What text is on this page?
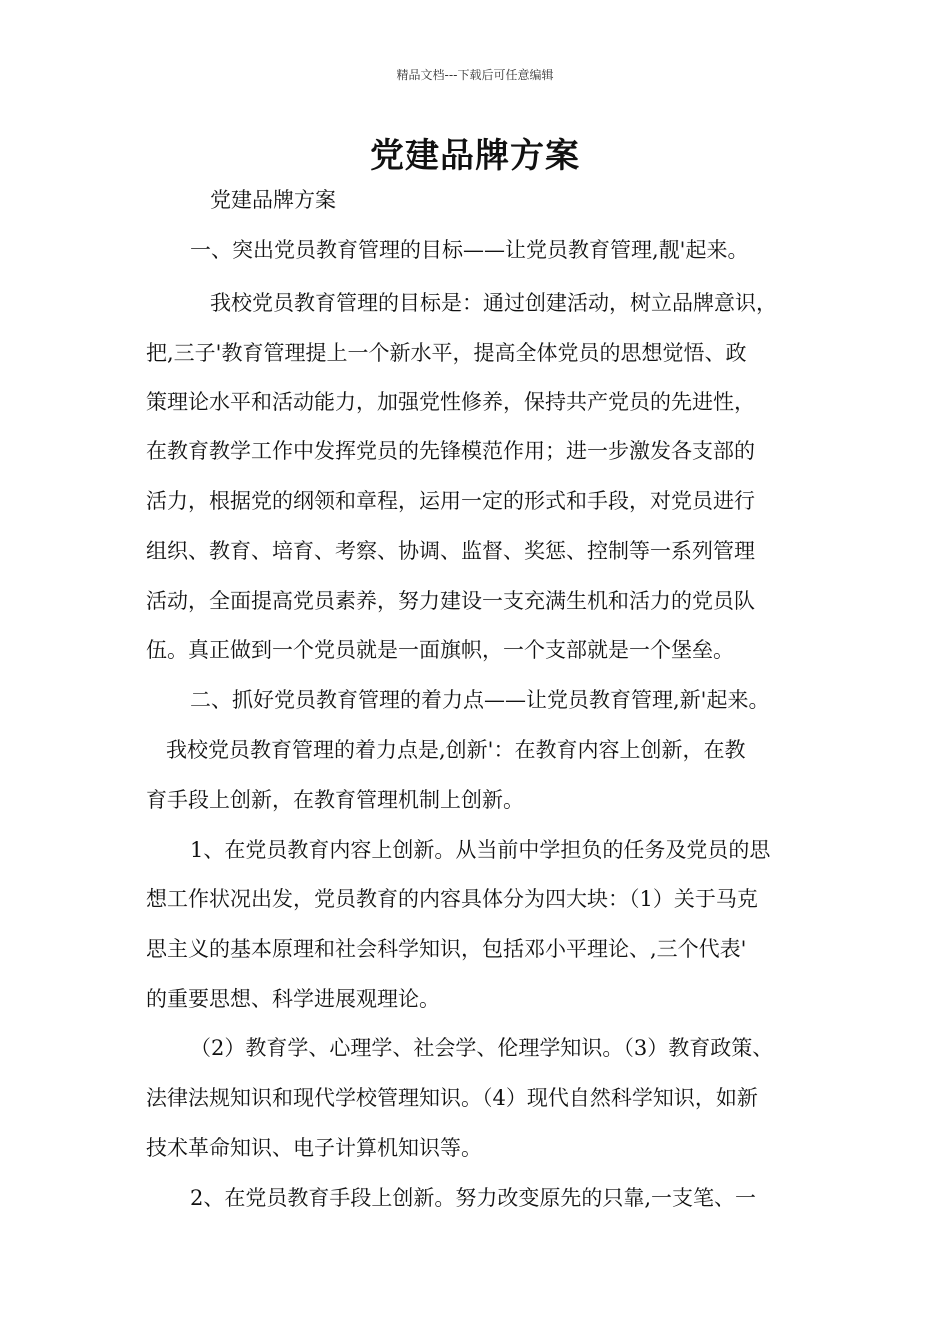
精品文档---下载后可任意编辑
党建品牌方案
党建品牌方案
一、突出党员教育管理的目标——让党员教育管理,靓'起来。
我校党员教育管理的目标是：通过创建活动，树立品牌意识，
把,三子'教育管理提上一个新水平，提高全体党员的思想觉悟、政
策理论水平和活动能力，加强党性修养，保持共产党员的先进性，
在教育教学工作中发挥党员的先锋模范作用；进一步激发各支部的
活力，根据党的纲领和章程，运用一定的形式和手段，对党员进行
组织、教育、培育、考察、协调、监督、奖惩、控制等一系列管理
活动，全面提高党员素养，努力建设一支充满生机和活力的党员队
伍。真正做到一个党员就是一面旗帜，一个支部就是一个堡垒。
二、抓好党员教育管理的着力点——让党员教育管理,新'起来。
我校党员教育管理的着力点是,创新'：在教育内容上创新，在教
育手段上创新，在教育管理机制上创新。
1、在党员教育内容上创新。从当前中学担负的任务及党员的思
想工作状况出发，党员教育的内容具体分为四大块：（1）关于马克
思主义的基本原理和社会科学知识，包括邓小平理论、,三个代表'
的重要思想、科学进展观理论。
（2）教育学、心理学、社会学、伦理学知识。（3）教育政策、
法律法规知识和现代学校管理知识。（4）现代自然科学知识，如新
技术革命知识、电子计算机知识等。
2、在党员教育手段上创新。努力改变原先的只靠,一支笔、一
